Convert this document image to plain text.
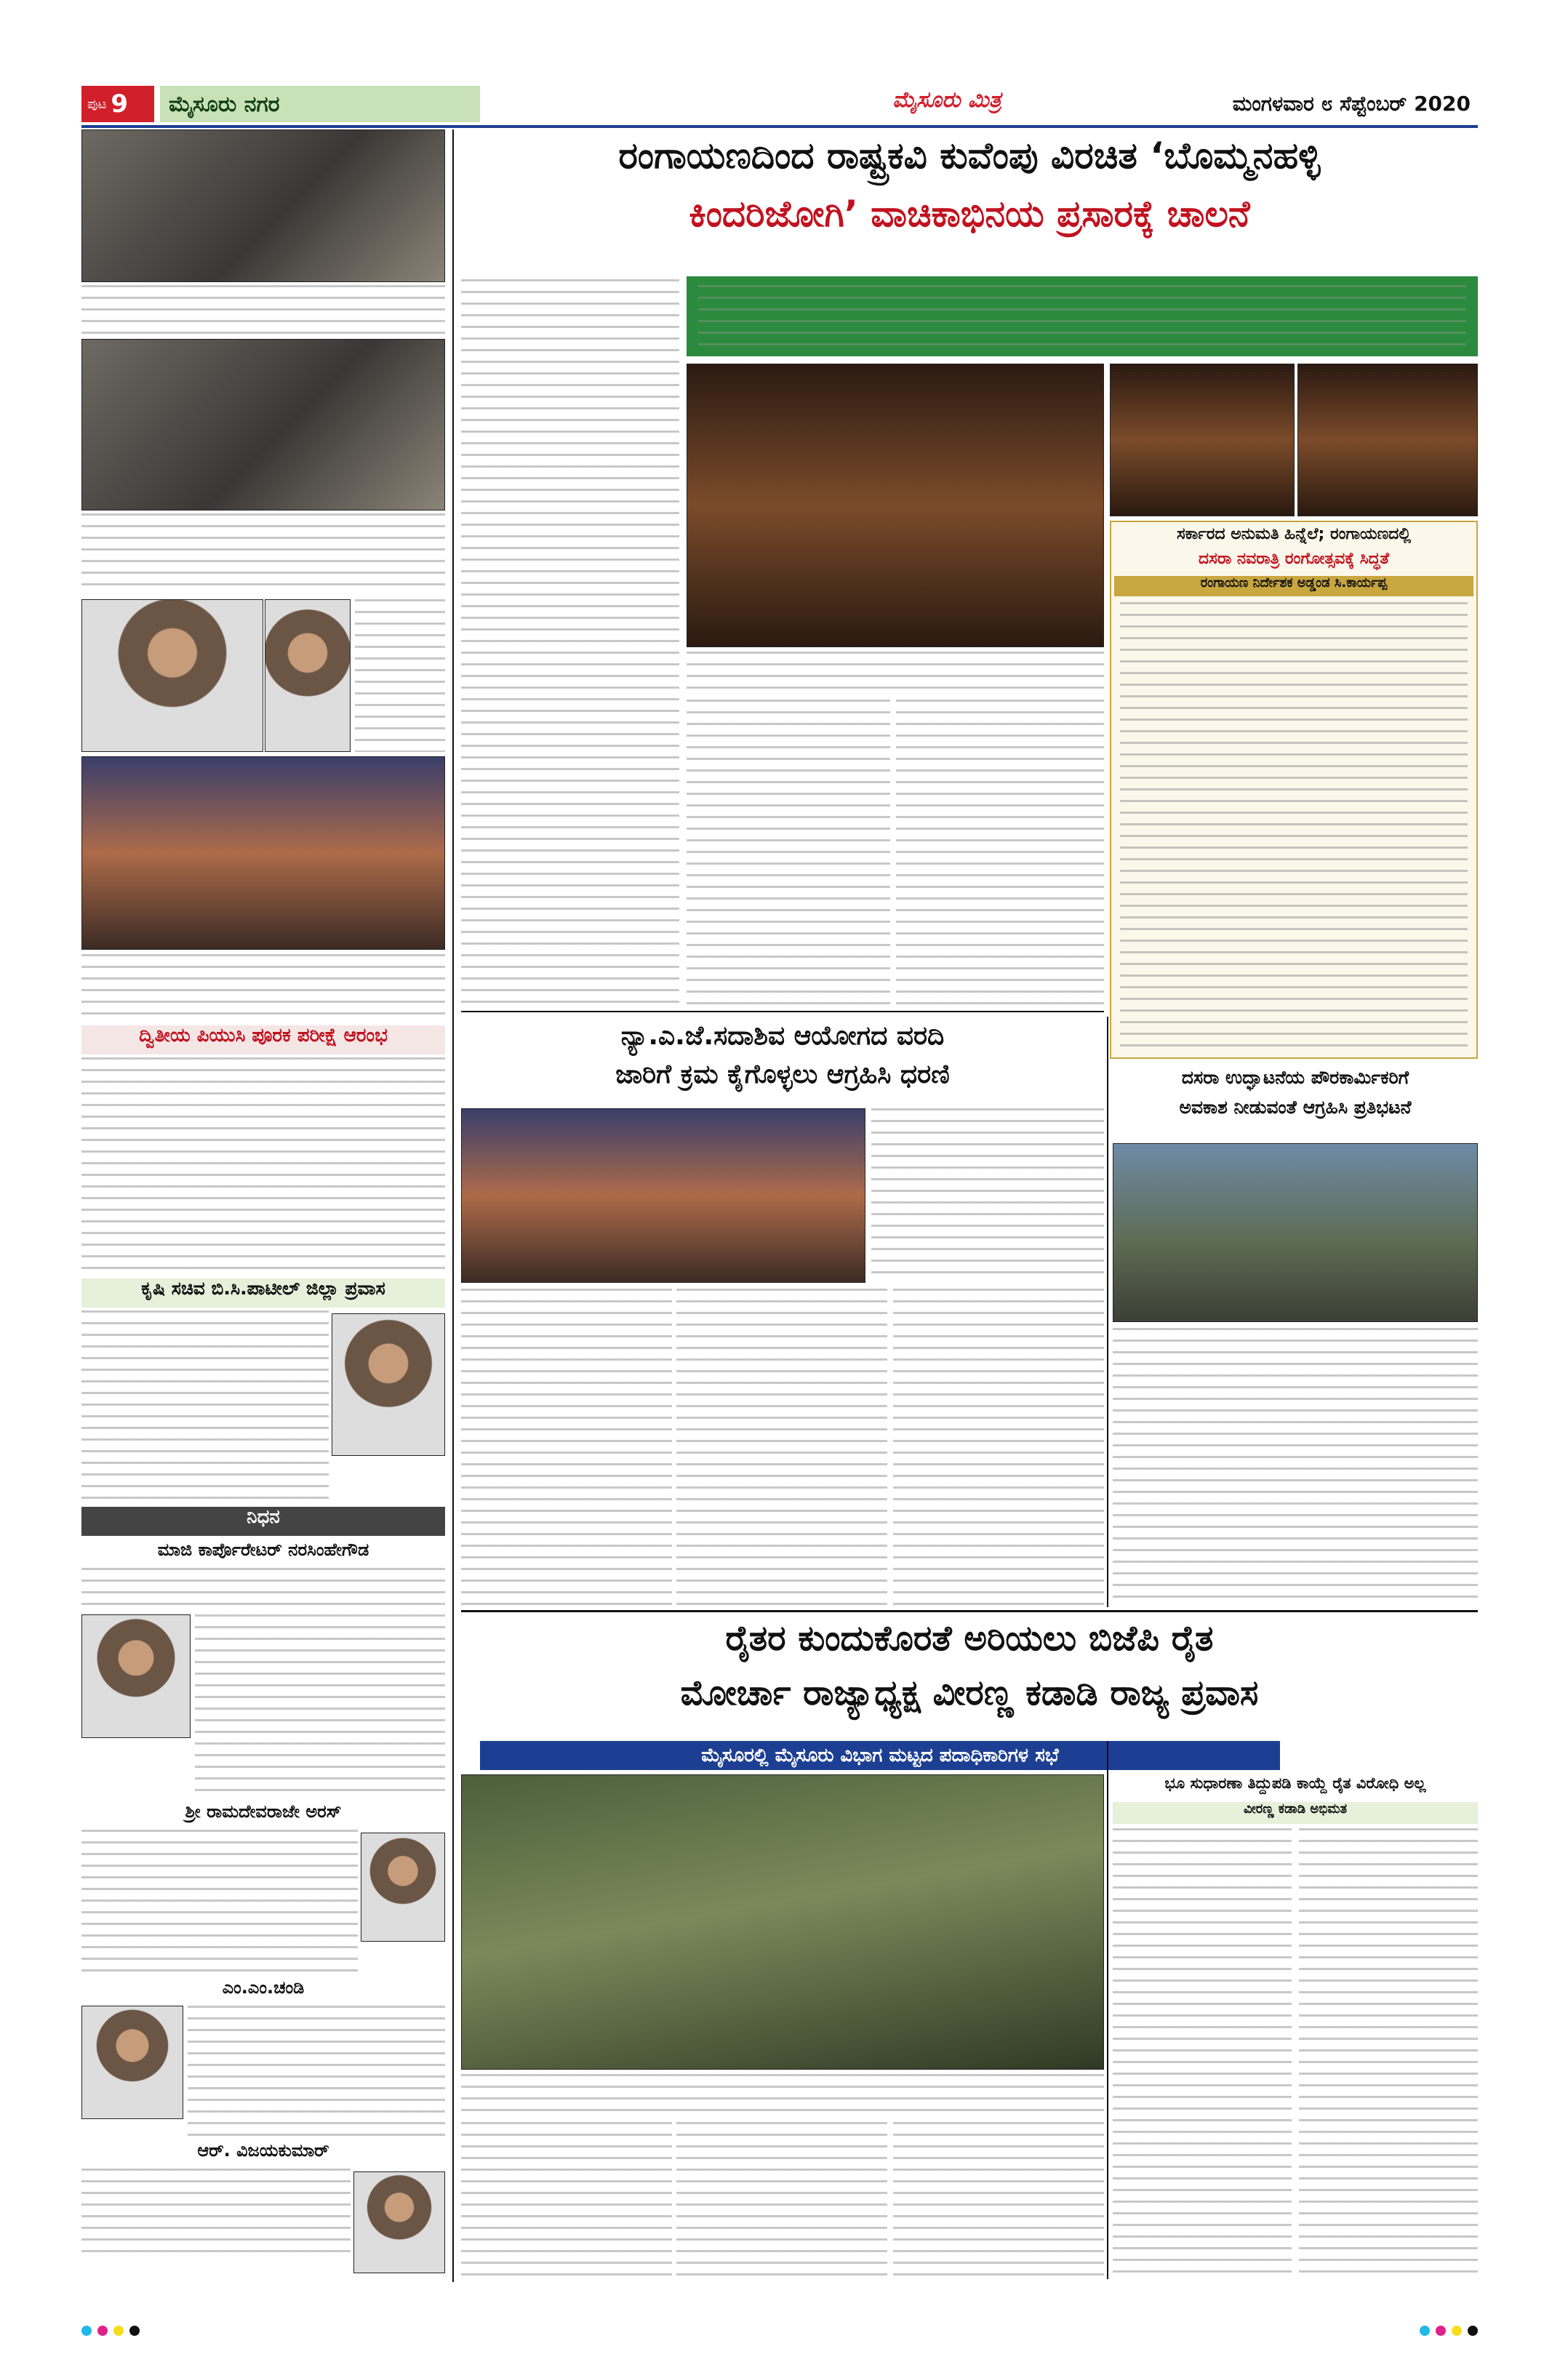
ಪುಟ 9 ಮೈಸೂರು ನಗರ	ಮೈಸೂರು ಮಿತ್ರ	ಮಂಗಳವಾರ ೮ ಸೆಪ್ಟೆಂಬರ್ 2020
ದ್ವಿತೀಯ ಪಿಯುಸಿ ಪೂರಕ ಪರೀಕ್ಷೆ ಆರಂಭ
ಕೃಷಿ ಸಚಿವ ಬಿ.ಸಿ.ಪಾಟೀಲ್ ಜಿಲ್ಲಾ ಪ್ರವಾಸ
ನಿಧನ
ಮಾಜಿ ಕಾರ್ಪೊರೇಟರ್ ನರಸಿಂಹೇಗೌಡ
ಶ್ರೀ ರಾಮದೇವರಾಜೇ ಅರಸ್
ಎಂ.ಎಂ.ಚಂಡಿ
ಆರ್. ವಿಜಯಕುಮಾರ್
ರಂಗಾಯಣದಿಂದ ರಾಷ್ಟ್ರಕವಿ ಕುವೆಂಪು ವಿರಚಿತ ‘ಬೊಮ್ಮನಹಳ್ಳಿ
ಕಿಂದರಿಜೋಗಿ’ ವಾಚಿಕಾಭಿನಯ ಪ್ರಸಾರಕ್ಕೆ ಚಾಲನೆ
ಸರ್ಕಾರದ ಅನುಮತಿ ಹಿನ್ನೆಲೆ; ರಂಗಾಯಣದಲ್ಲಿ
ದಸರಾ ನವರಾತ್ರಿ ರಂಗೋತ್ಸವಕ್ಕೆ ಸಿದ್ಧತೆ
ರಂಗಾಯಣ ನಿರ್ದೇಶಕ ಅಡ್ಡಂಡ ಸಿ.ಕಾರ್ಯಪ್ಪ
ನ್ಯಾ.ಎ.ಜೆ.ಸದಾಶಿವ ಆಯೋಗದ ವರದಿ
ಜಾರಿಗೆ ಕ್ರಮ ಕೈಗೊಳ್ಳಲು ಆಗ್ರಹಿಸಿ ಧರಣಿ	ದಸರಾ ಉದ್ಘಾಟನೆಯ ಪೌರಕಾರ್ಮಿಕರಿಗೆ
ಅವಕಾಶ ನೀಡುವಂತೆ ಆಗ್ರಹಿಸಿ ಪ್ರತಿಭಟನೆ
ರೈತರ ಕುಂದುಕೊರತೆ ಅರಿಯಲು ಬಿಜೆಪಿ ರೈತ
ಮೋರ್ಚಾ ರಾಜ್ಯಾಧ್ಯಕ್ಷ ವೀರಣ್ಣ ಕಡಾಡಿ ರಾಜ್ಯ ಪ್ರವಾಸ
ಮೈಸೂರಲ್ಲಿ ಮೈಸೂರು ವಿಭಾಗ ಮಟ್ಟದ ಪದಾಧಿಕಾರಿಗಳ ಸಭೆ
ಭೂ ಸುಧಾರಣಾ ತಿದ್ದುಪಡಿ ಕಾಯ್ದೆ ರೈತ ವಿರೋಧಿ ಅಲ್ಲ
ವೀರಣ್ಣ ಕಡಾಡಿ ಅಭಿಮತ
